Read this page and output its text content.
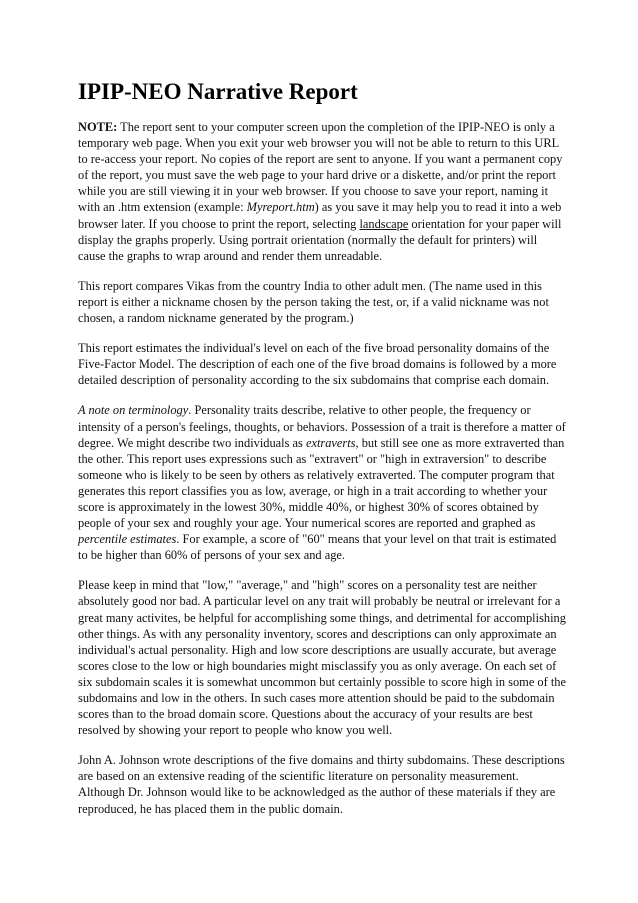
IPIP-NEO Narrative Report

NOTE: The report sent to your computer screen upon the completion of the IPIP-NEO is only a temporary web page. When you exit your web browser you will not be able to return to this URL to re-access your report. No copies of the report are sent to anyone. If you want a permanent copy of the report, you must save the web page to your hard drive or a diskette, and/or print the report while you are still viewing it in your web browser. If you choose to save your report, naming it with an .htm extension (example: Myreport.htm) as you save it may help you to read it into a web browser later. If you choose to print the report, selecting landscape orientation for your paper will display the graphs properly. Using portrait orientation (normally the default for printers) will cause the graphs to wrap around and render them unreadable.

This report compares Vikas from the country India to other adult men. (The name used in this report is either a nickname chosen by the person taking the test, or, if a valid nickname was not chosen, a random nickname generated by the program.)

This report estimates the individual's level on each of the five broad personality domains of the Five-Factor Model. The description of each one of the five broad domains is followed by a more detailed description of personality according to the six subdomains that comprise each domain.

A note on terminology. Personality traits describe, relative to other people, the frequency or intensity of a person's feelings, thoughts, or behaviors. Possession of a trait is therefore a matter of degree. We might describe two individuals as extraverts, but still see one as more extraverted than the other. This report uses expressions such as "extravert" or "high in extraversion" to describe someone who is likely to be seen by others as relatively extraverted. The computer program that generates this report classifies you as low, average, or high in a trait according to whether your score is approximately in the lowest 30%, middle 40%, or highest 30% of scores obtained by people of your sex and roughly your age. Your numerical scores are reported and graphed as percentile estimates. For example, a score of "60" means that your level on that trait is estimated to be higher than 60% of persons of your sex and age.

Please keep in mind that "low," "average," and "high" scores on a personality test are neither absolutely good nor bad. A particular level on any trait will probably be neutral or irrelevant for a great many activites, be helpful for accomplishing some things, and detrimental for accomplishing other things. As with any personality inventory, scores and descriptions can only approximate an individual's actual personality. High and low score descriptions are usually accurate, but average scores close to the low or high boundaries might misclassify you as only average. On each set of six subdomain scales it is somewhat uncommon but certainly possible to score high in some of the subdomains and low in the others. In such cases more attention should be paid to the subdomain scores than to the broad domain score. Questions about the accuracy of your results are best resolved by showing your report to people who know you well.

John A. Johnson wrote descriptions of the five domains and thirty subdomains. These descriptions are based on an extensive reading of the scientific literature on personality measurement. Although Dr. Johnson would like to be acknowledged as the author of these materials if they are reproduced, he has placed them in the public domain.
